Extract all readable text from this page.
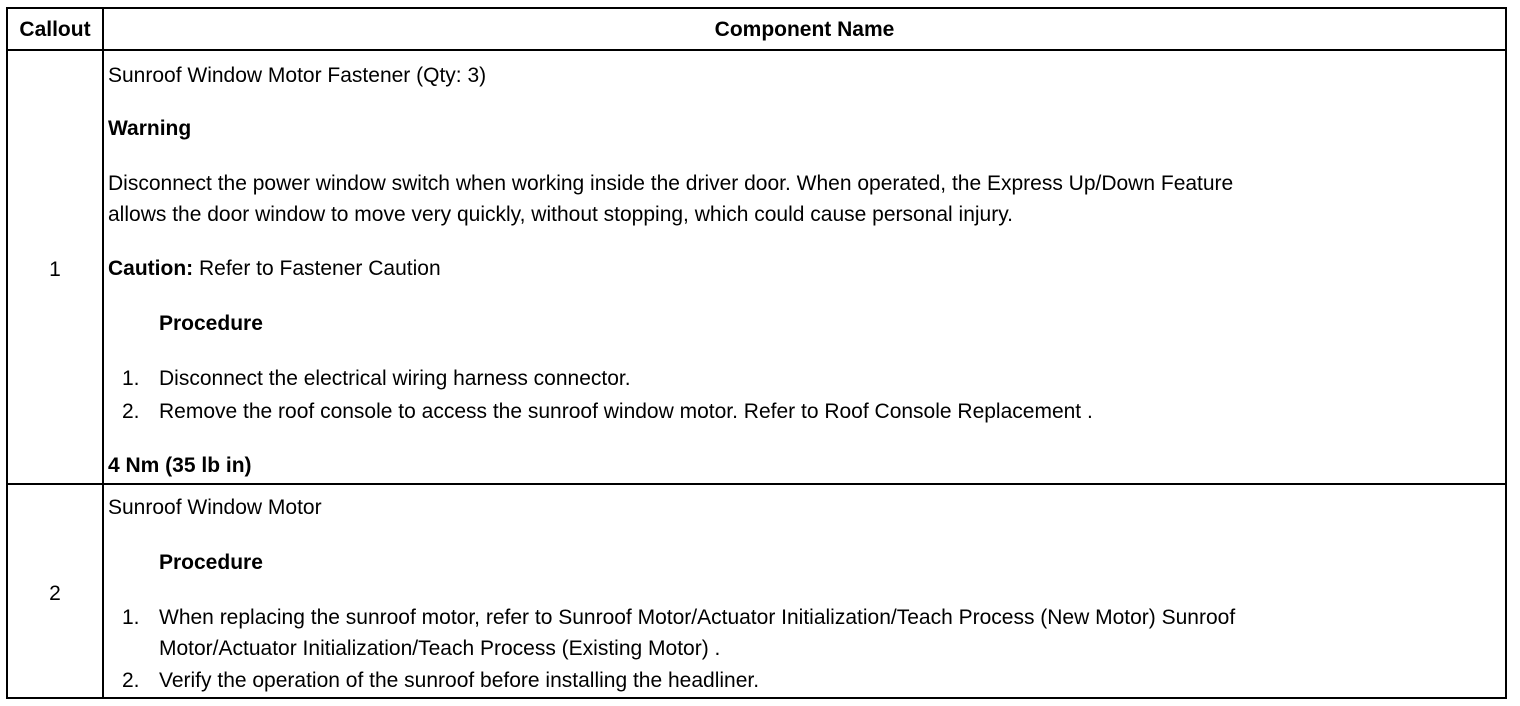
Callout	Component Name
1
Sunroof Window Motor Fastener (Qty: 3)
Warning
Disconnect the power window switch when working inside the driver door. When operated, the Express Up/Down Feature
allows the door window to move very quickly, without stopping, which could cause personal injury.
Caution: Refer to Fastener Caution
Procedure
1. Disconnect the electrical wiring harness connector.
2. Remove the roof console to access the sunroof window motor. Refer to Roof Console Replacement .
4 Nm (35 lb in)
2
Sunroof Window Motor
Procedure
1. When replacing the sunroof motor, refer to Sunroof Motor/Actuator Initialization/Teach Process (New Motor) Sunroof
Motor/Actuator Initialization/Teach Process (Existing Motor) .
2. Verify the operation of the sunroof before installing the headliner.
